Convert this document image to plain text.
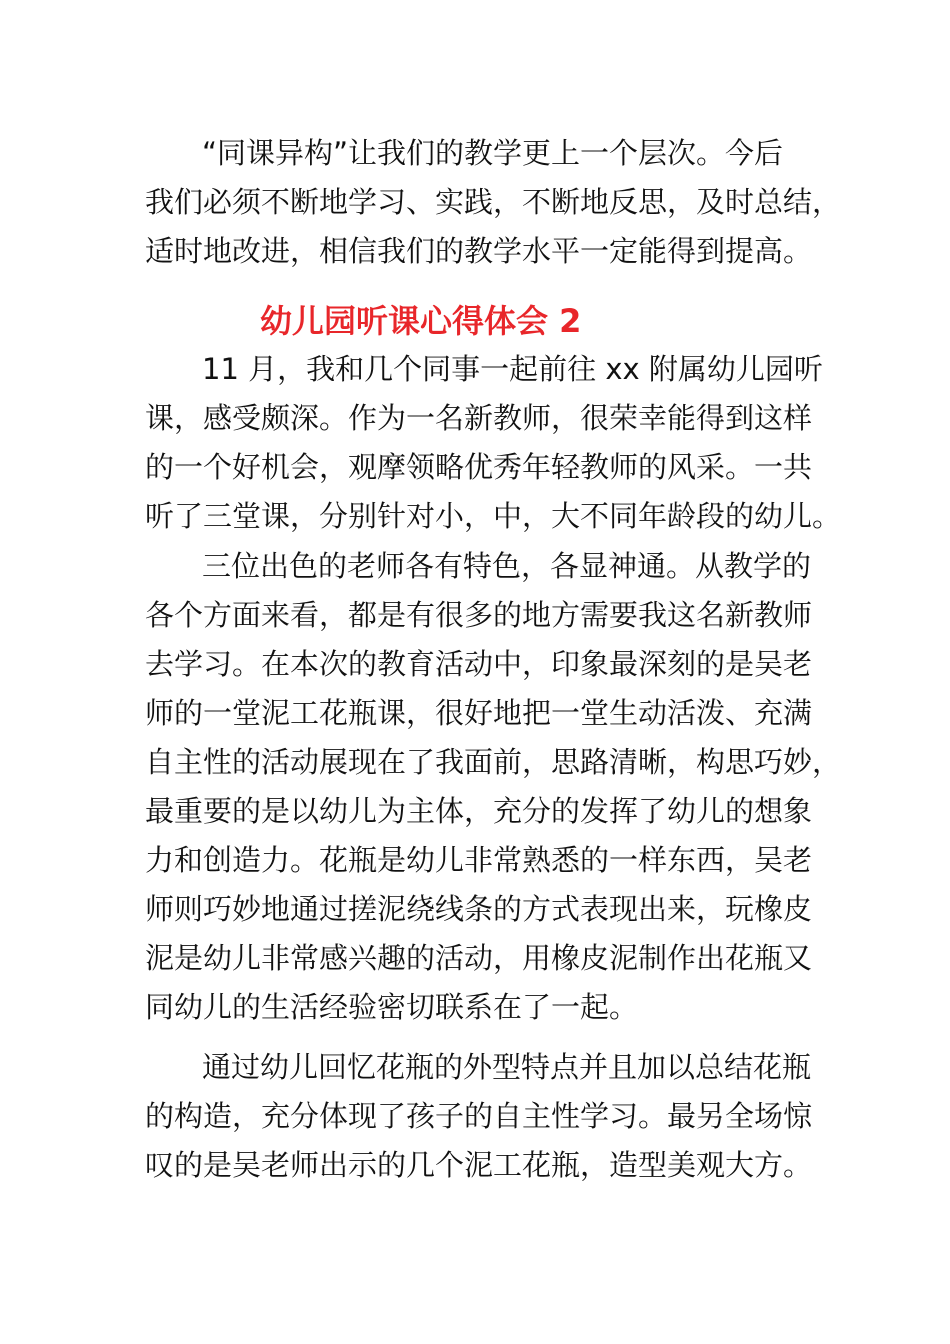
“同课异构”让我们的教学更上一个层次。今后
我们必须不断地学习、实践，不断地反思，及时总结，
适时地改进，相信我们的教学水平一定能得到提高。
幼儿园听课心得体会 2
11 月，我和几个同事一起前往 xx 附属幼儿园听
课，感受颇深。作为一名新教师，很荣幸能得到这样
的一个好机会，观摩领略优秀年轻教师的风采。一共
听了三堂课，分别针对小，中，大不同年龄段的幼儿。
三位出色的老师各有特色，各显神通。从教学的
各个方面来看，都是有很多的地方需要我这名新教师
去学习。在本次的教育活动中，印象最深刻的是吴老
师的一堂泥工花瓶课，很好地把一堂生动活泼、充满
自主性的活动展现在了我面前，思路清晰，构思巧妙，
最重要的是以幼儿为主体，充分的发挥了幼儿的想象
力和创造力。花瓶是幼儿非常熟悉的一样东西，吴老
师则巧妙地通过搓泥绕线条的方式表现出来，玩橡皮
泥是幼儿非常感兴趣的活动，用橡皮泥制作出花瓶又
同幼儿的生活经验密切联系在了一起。
通过幼儿回忆花瓶的外型特点并且加以总结花瓶
的构造，充分体现了孩子的自主性学习。最另全场惊
叹的是吴老师出示的几个泥工花瓶，造型美观大方。
